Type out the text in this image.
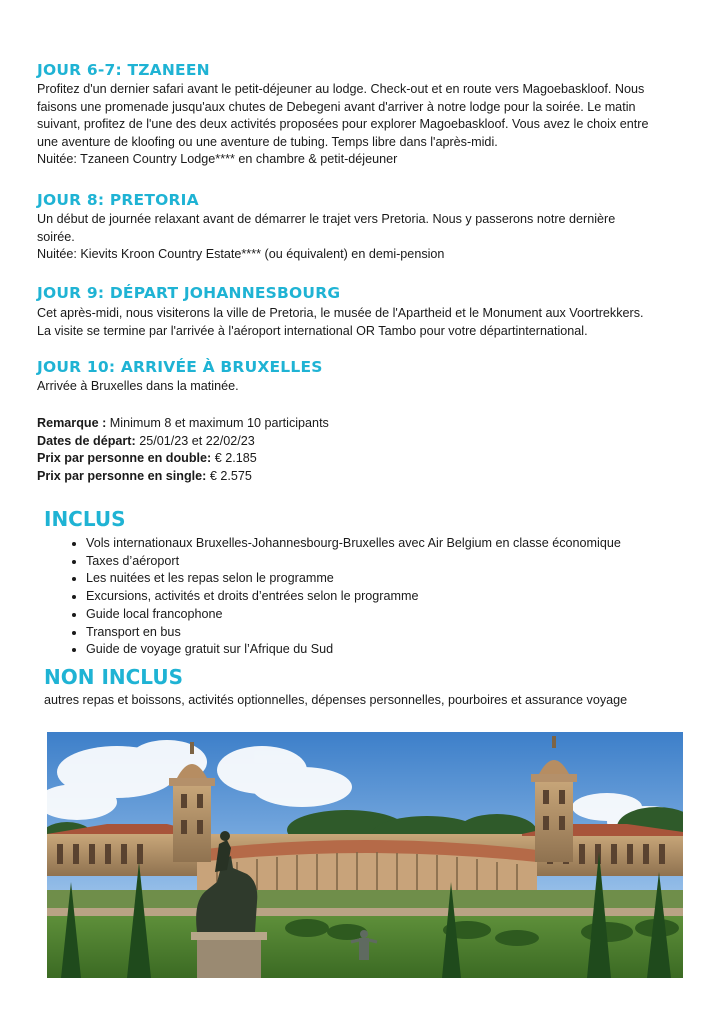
JOUR 6-7: TZANEEN

Profitez d'un dernier safari avant le petit-déjeuner au lodge. Check-out et en route vers Magoebaskloof. Nous
faisons une promenade jusqu'aux chutes de Debegeni avant d'arriver à notre lodge pour la soirée. Le matin
suivant, profitez de l'une des deux activités proposées pour explorer Magoebaskloof. Vous avez le choix entre
une aventure de kloofing ou une aventure de tubing. Temps libre dans l'après-midi.
Nuitée: Tzaneen Country Lodge**** en chambre & petit-déjeuner

JOUR 8: PRETORIA

Un début de journée relaxant avant de démarrer le trajet vers Pretoria. Nous y passerons notre dernière
soirée.
Nuitée: Kievits Kroon Country Estate**** (ou équivalent) en demi-pension

JOUR 9: DÉPART JOHANNESBOURG

Cet après-midi, nous visiterons la ville de Pretoria, le musée de l'Apartheid et le Monument aux Voortrekkers.
La visite se termine par l'arrivée à l'aéroport international OR Tambo pour votre départinternational.

JOUR 10: ARRIVÉE À BRUXELLES

Arrivée à Bruxelles dans la matinée.

Remarque : Minimum 8 et maximum 10 participants
Dates de départ: 25/01/23 et 22/02/23
Prix par personne en double: € 2.185
Prix par personne en single: € 2.575
INCLUS
• Vols internationaux Bruxelles-Johannesbourg-Bruxelles avec Air Belgium en classe économique
• Taxes d’aéroport
• Les nuitées et les repas selon le programme
• Excursions, activités et droits d’entrées selon le programme
• Guide local francophone
• Transport en bus
• Guide de voyage gratuit sur l’Afrique du Sud
NON INCLUS

autres repas et boissons, activités optionnelles, dépenses personnelles, pourboires et assurance voyage
